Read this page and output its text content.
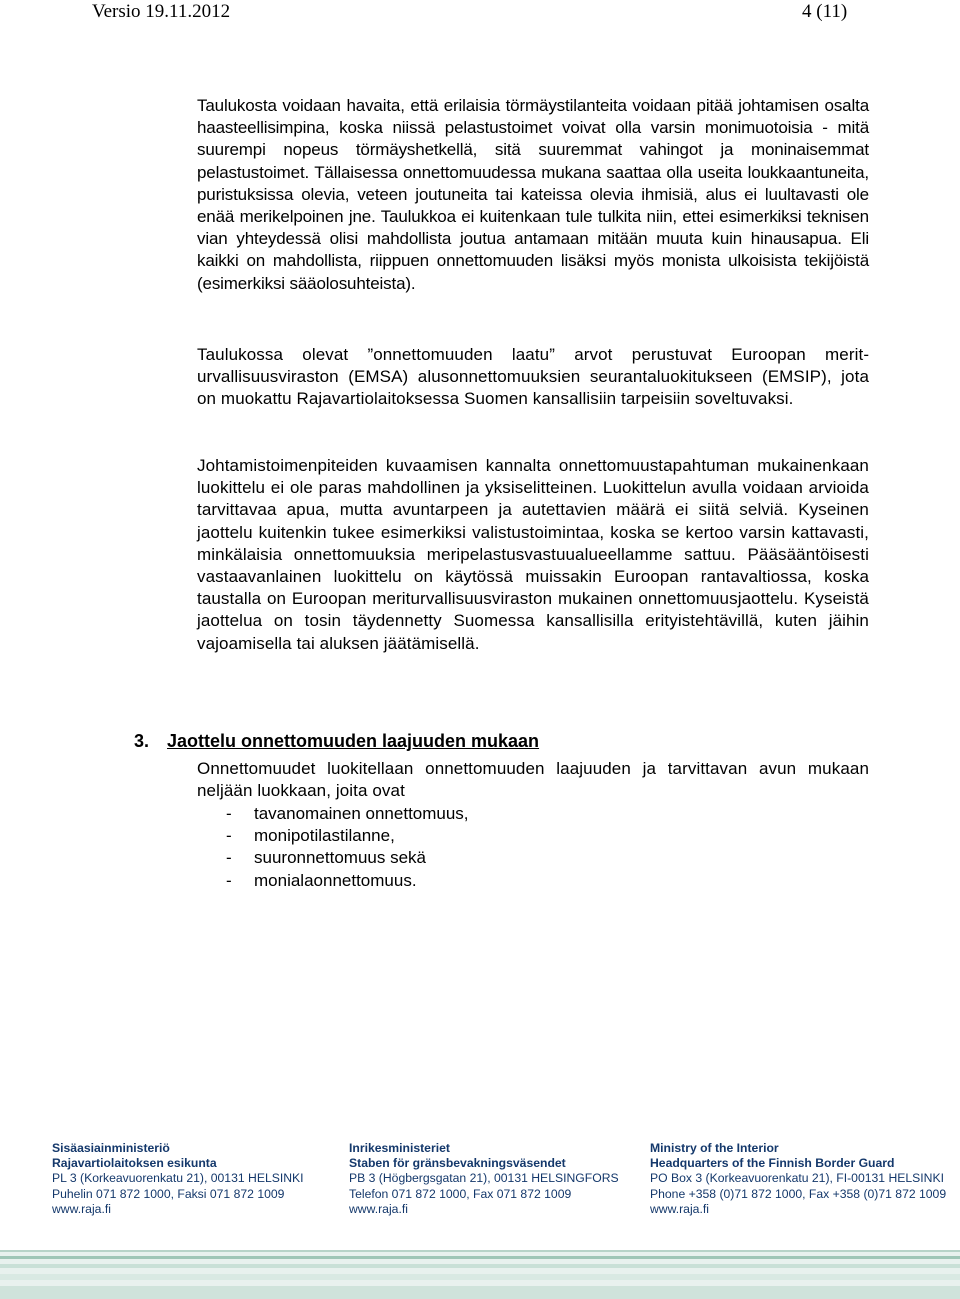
Versio 19.11.2012	4 (11)

Taulukosta voidaan havaita, että erilaisia törmäystilanteita voidaan pitää johtamisen osalta haasteellisimpina, koska niissä pelastustoimet voivat olla varsin monimuotoisia - mitä suurempi nopeus törmäyshetkellä, sitä suuremmat vahingot ja moninaisemmat pelastustoimet. Tällaisessa onnettomuudessa mukana saattaa olla useita loukkaantuneita, puristuksissa olevia, veteen joutuneita tai kateissa olevia ihmisiä, alus ei luultavasti ole enää merikelpoinen jne. Taulukkoa ei kuitenkaan tule tulkita niin, ettei esimerkiksi teknisen vian yhteydessä olisi mahdollista joutua antamaan mitään muuta kuin hinausapua. Eli kaikki on mahdollista, riippuen onnettomuuden lisäksi myös monista ulkoisista tekijöistä (esimerkiksi sääolosuhteista).

Taulukossa olevat ”onnettomuuden laatu” arvot perustuvat Euroopan meriturvallisuusviraston (EMSA) alusonnettomuuksien seurantaluokitukseen (EMSIP), jota on muokattu Rajavartiolaitoksessa Suomen kansallisiin tarpeisiin soveltuvaksi.

Johtamistoimenpiteiden kuvaamisen kannalta onnettomuustapahtuman mukainenkaan luokittelu ei ole paras mahdollinen ja yksiselitteinen. Luokittelun avulla voidaan arvioida tarvittavaa apua, mutta avuntarpeen ja autettavien määrä ei siitä selviä. Kyseinen jaottelu kuitenkin tukee esimerkiksi valistustoimintaa, koska se kertoo varsin kattavasti, minkälaisia onnettomuuksia meripelastusvastuualueellamme sattuu. Pääsääntöisesti vastaavanlainen luokittelu on käytössä muissakin Euroopan rantavaltiossa, koska taustalla on Euroopan meriturvallisuusviraston mukainen onnettomuusjaottelu. Kyseistä jaottelua on tosin täydennetty Suomessa kansallisilla erityistehtävillä, kuten jäihin vajoamisella tai aluksen jäätämisellä.

3. Jaottelu onnettomuuden laajuuden mukaan

Onnettomuudet luokitellaan onnettomuuden laajuuden ja tarvittavan avun mukaan neljään luokkaan, joita ovat

- tavanomainen onnettomuus,
- monipotilastilanne,
- suuronnettomuus sekä
- monialaonnettomuus.
Sisäasiainministeriö
Rajavartiolaitoksen esikunta
PL 3 (Korkeavuorenkatu 21), 00131 HELSINKI
Puhelin 071 872 1000, Faksi 071 872 1009
www.raja.fi
Inrikesministeriet
Staben för gränsbevakningsväsendet
PB 3 (Högbergsgatan 21), 00131 HELSINGFORS
Telefon 071 872 1000, Fax 071 872 1009
www.raja.fi
Ministry of the Interior
Headquarters of the Finnish Border Guard
PO Box 3 (Korkeavuorenkatu 21), FI-00131 HELSINKI
Phone +358 (0)71 872 1000, Fax +358 (0)71 872 1009
www.raja.fi
